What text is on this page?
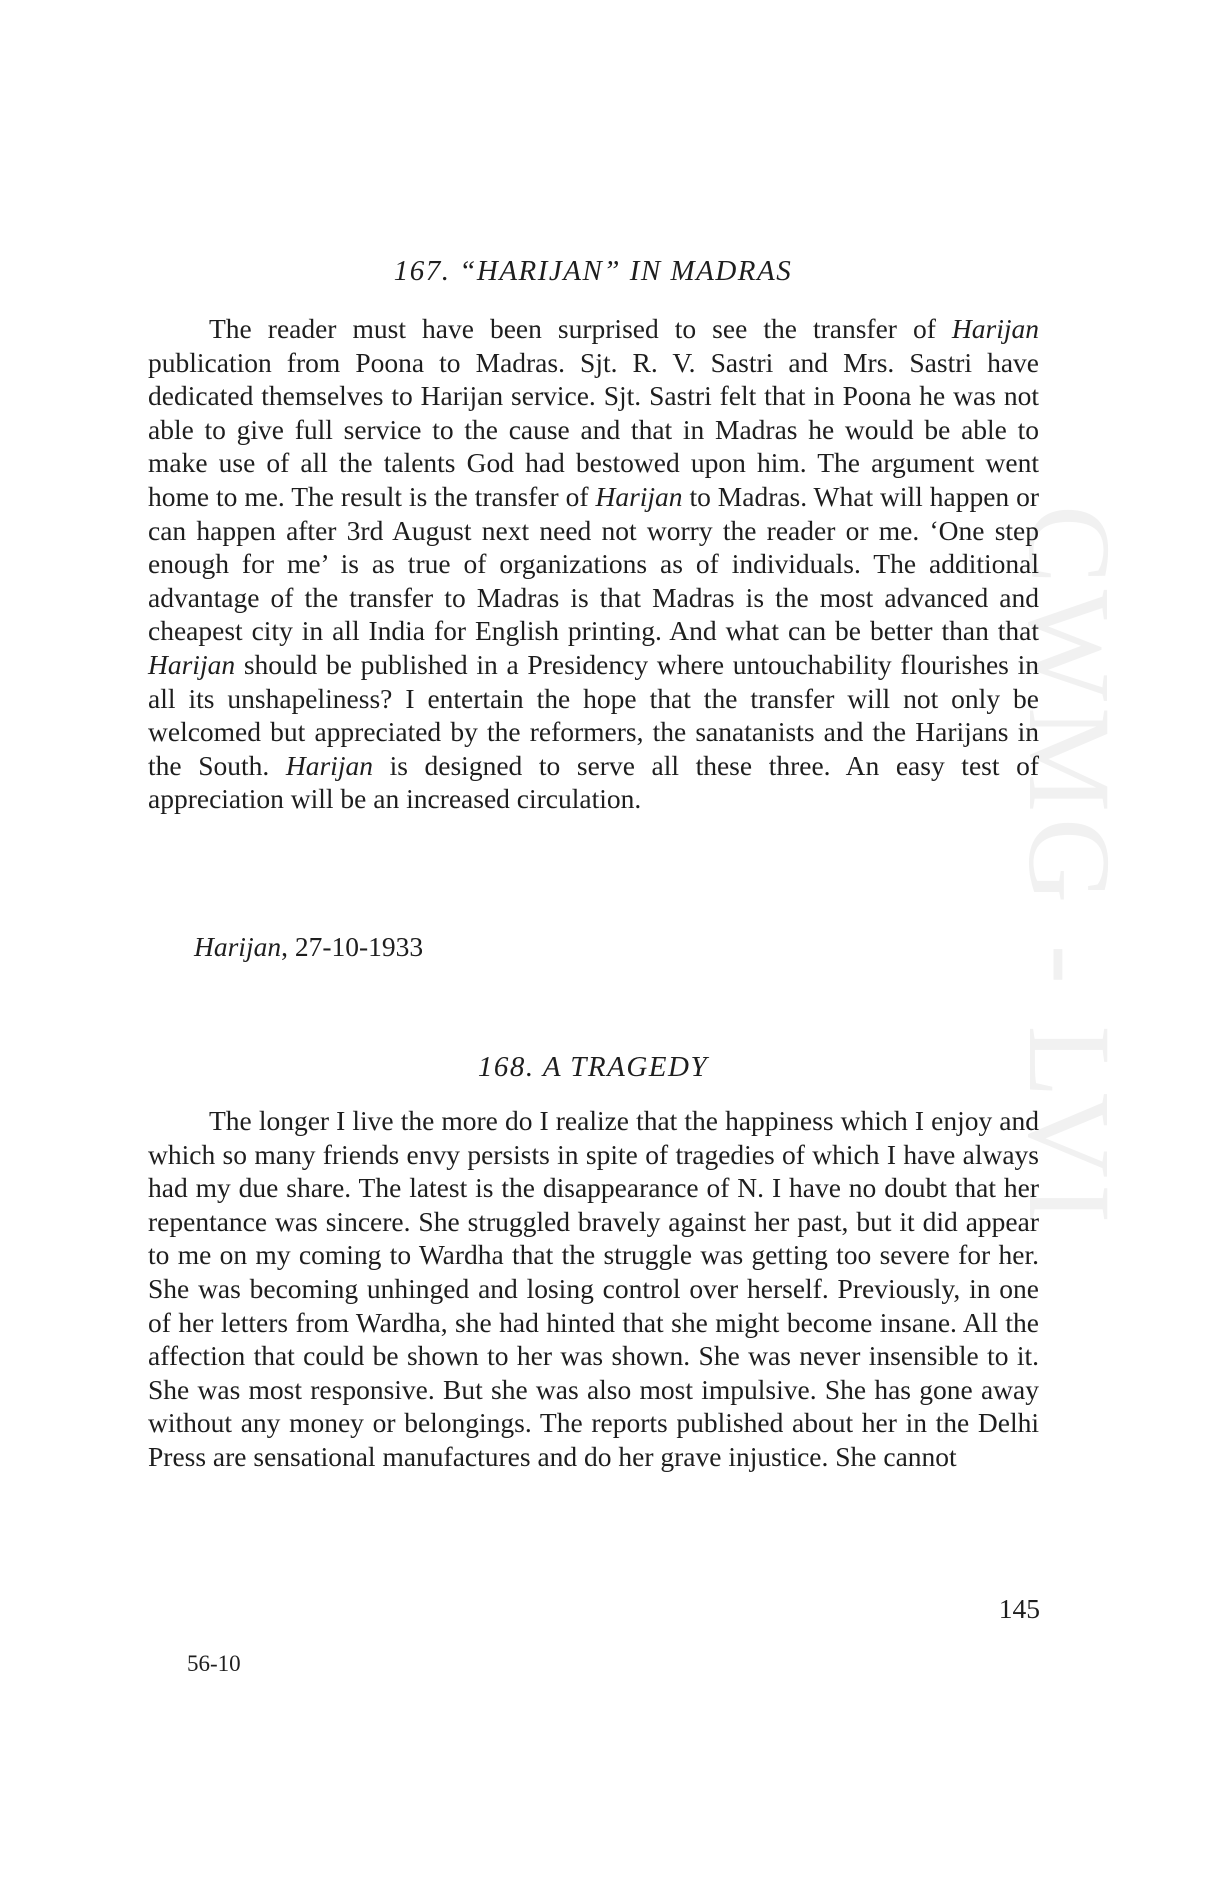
CWMG - LVI
167. “HARIJAN” IN MADRAS

The reader must have been surprised to see the transfer of Harijan publication from Poona to Madras. Sjt. R. V. Sastri and Mrs. Sastri have dedicated themselves to Harijan service. Sjt. Sastri felt that in Poona he was not able to give full service to the cause and that in Madras he would be able to make use of all the talents God had bestowed upon him. The argument went home to me. The result is the transfer of Harijan to Madras. What will happen or can happen after 3rd August next need not worry the reader or me. ‘One step enough for me’ is as true of organizations as of individuals. The additional advantage of the transfer to Madras is that Madras is the most advanced and cheapest city in all India for English printing. And what can be better than that Harijan should be published in a Presidency where untouchability flourishes in all its unshapeliness? I entertain the hope that the transfer will not only be welcomed but appreciated by the reformers, the sanatanists and the Harijans in the South. Harijan is designed to serve all these three. An easy test of appreciation will be an increased circulation.

Harijan, 27-10-1933

168. A TRAGEDY

The longer I live the more do I realize that the happiness which I enjoy and which so many friends envy persists in spite of tragedies of which I have always had my due share. The latest is the disappearance of N. I have no doubt that her repentance was sincere. She struggled bravely against her past, but it did appear to me on my coming to Wardha that the struggle was getting too severe for her. She was becoming unhinged and losing control over herself. Previously, in one of her letters from Wardha, she had hinted that she might become insane. All the affection that could be shown to her was shown. She was never insensible to it. She was most responsive. But she was also most impulsive. She has gone away without any money or belongings. The reports published about her in the Delhi Press are sensational manufactures and do her grave injustice. She cannot

145

56-10
